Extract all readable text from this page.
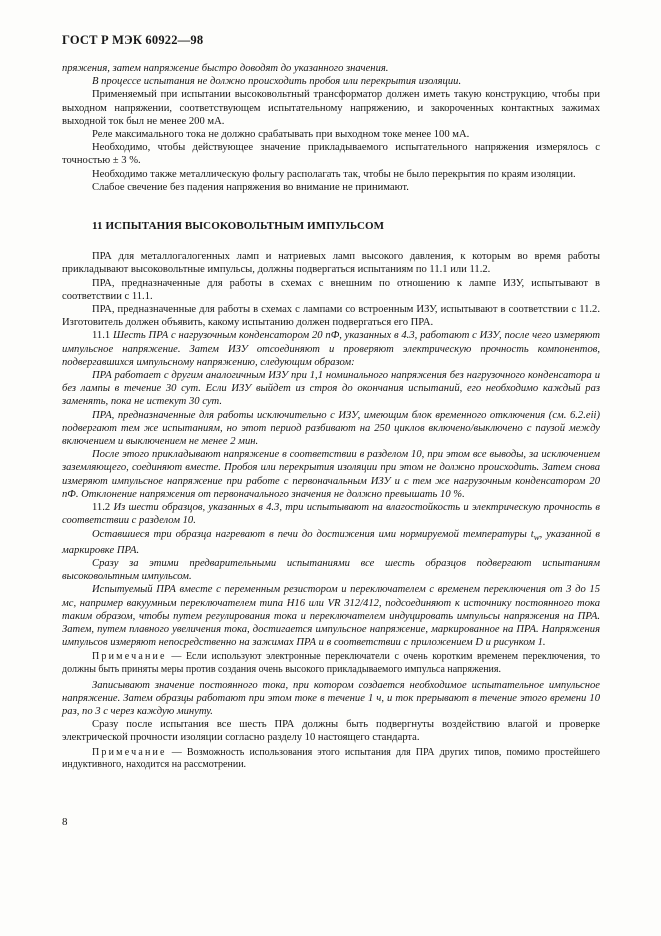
ГОСТ Р МЭК 60922—98

пряжения, затем напряжение быстро доводят до указанного значения.

В процессе испытания не должно происходить пробоя или перекрытия изоляции.

Применяемый при испытании высоковольтный трансформатор должен иметь такую конструкцию, чтобы при выходном напряжении, соответствующем испытательному напряжению, и закороченных контактных зажимах выходной ток был не менее 200 мА.

Реле максимального тока не должно срабатывать при выходном токе менее 100 мА.

Необходимо, чтобы действующее значение прикладываемого испытательного напряжения измерялось с точностью ± 3 %.

Необходимо также металлическую фольгу располагать так, чтобы не было перекрытия по краям изоляции.

Слабое свечение без падения напряжения во внимание не принимают.

11 ИСПЫТАНИЯ ВЫСОКОВОЛЬТНЫМ ИМПУЛЬСОМ

ПРА для металлогалогенных ламп и натриевых ламп высокого давления, к которым во время работы прикладывают высоковольтные импульсы, должны подвергаться испытаниям по 11.1 или 11.2.

ПРА, предназначенные для работы в схемах с внешним по отношению к лампе ИЗУ, испытывают в соответствии с 11.1.

ПРА, предназначенные для работы в схемах с лампами со встроенным ИЗУ, испытывают в соответствии с 11.2. Изготовитель должен объявить, какому испытанию должен подвергаться его ПРА.

11.1 Шесть ПРА с нагрузочным конденсатором 20 пФ, указанных в 4.3, работают с ИЗУ, после чего измеряют импульсное напряжение. Затем ИЗУ отсоединяют и проверяют электрическую прочность компонентов, подвергавшихся импульсному напряжению, следующим образом:

ПРА работает с другим аналогичным ИЗУ при 1,1 номинального напряжения без нагрузочного конденсатора и без лампы в течение 30 сут. Если ИЗУ выйдет из строя до окончания испытаний, его необходимо каждый раз заменять, пока не истекут 30 сут.

ПРА, предназначенные для работы исключительно с ИЗУ, имеющим блок временного отключения (см. 6.2.eii) подвергают тем же испытаниям, но этот период разбивают на 250 циклов включено/выключено с паузой между включением и выключением не менее 2 мин.

После этого прикладывают напряжение в соответствии в разделом 10, при этом все выводы, за исключением заземляющего, соединяют вместе. Пробоя или перекрытия изоляции при этом не должно происходить. Затем снова измеряют импульсное напряжение при работе с первоначальным ИЗУ и с тем же нагрузочным конденсатором 20 пФ. Отклонение напряжения от первоначального значения не должно превышать 10 %.

11.2 Из шести образцов, указанных в 4.3, три испытывают на влагостойкость и электрическую прочность в соответствии с разделом 10.

Оставшиеся три образца нагревают в печи до достижения ими нормируемой температуры $t_w$, указанной в маркировке ПРА.

Сразу за этими предварительными испытаниями все шесть образцов подвергают испытаниям высоковольтным импульсом.

Испытуемый ПРА вместе с переменным резистором и переключателем с временем переключения от 3 до 15 мс, например вакуумным переключателем типа H16 или VR 312/412, подсоединяют к источнику постоянного тока таким образом, чтобы путем регулирования тока и переключателем индуцировать импульсы напряжения на ПРА. Затем, путем плавного увеличения тока, достигается импульсное напряжение, маркированное на ПРА. Напряжения импульсов измеряют непосредственно на зажимах ПРА и в соответствии с приложением D и рисунком 1.

Примечание — Если используют электронные переключатели с очень коротким временем переключения, то должны быть приняты меры против создания очень высокого прикладываемого импульса напряжения.

Записывают значение постоянного тока, при котором создается необходимое испытательное импульсное напряжение. Затем образцы работают при этом токе в течение 1 ч, и ток прерывают в течение этого времени 10 раз, по 3 с через каждую минуту.

Сразу после испытания все шесть ПРА должны быть подвергнуты воздействию влагой и проверке электрической прочности изоляции согласно разделу 10 настоящего стандарта.

Примечание — Возможность использования этого испытания для ПРА других типов, помимо простейшего индуктивного, находится на рассмотрении.

8
